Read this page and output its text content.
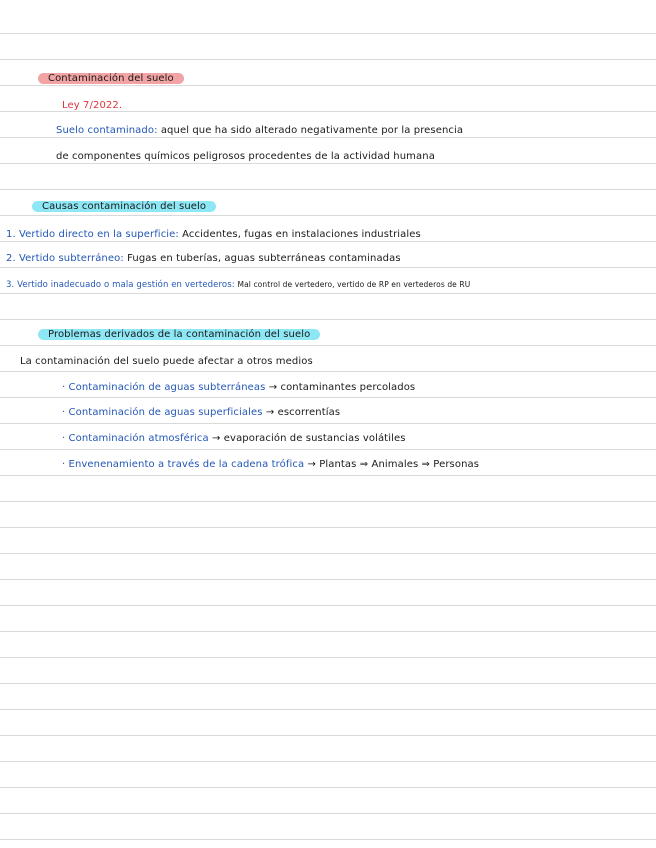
Contaminación del suelo
Ley 7/2022.
Suelo contaminado: aquel que ha sido alterado negativamente por la presencia
de componentes químicos peligrosos procedentes de la actividad humana
Causas contaminación del suelo
1. Vertido directo en la superficie: Accidentes, fugas en instalaciones industriales
2. Vertido subterráneo: Fugas en tuberías, aguas subterráneas contaminadas
3. Vertido inadecuado o mala gestión en vertederos: Mal control de vertedero, vertido de RP en vertederos de RU
Problemas derivados de la contaminación del suelo
La contaminación del suelo puede afectar a otros medios
· Contaminación de aguas subterráneas → contaminantes percolados
· Contaminación de aguas superficiales → escorrentías
· Contaminación atmosférica → evaporación de sustancias volátiles
· Envenenamiento a través de la cadena trófica → Plantas ⇒ Animales ⇒ Personas
